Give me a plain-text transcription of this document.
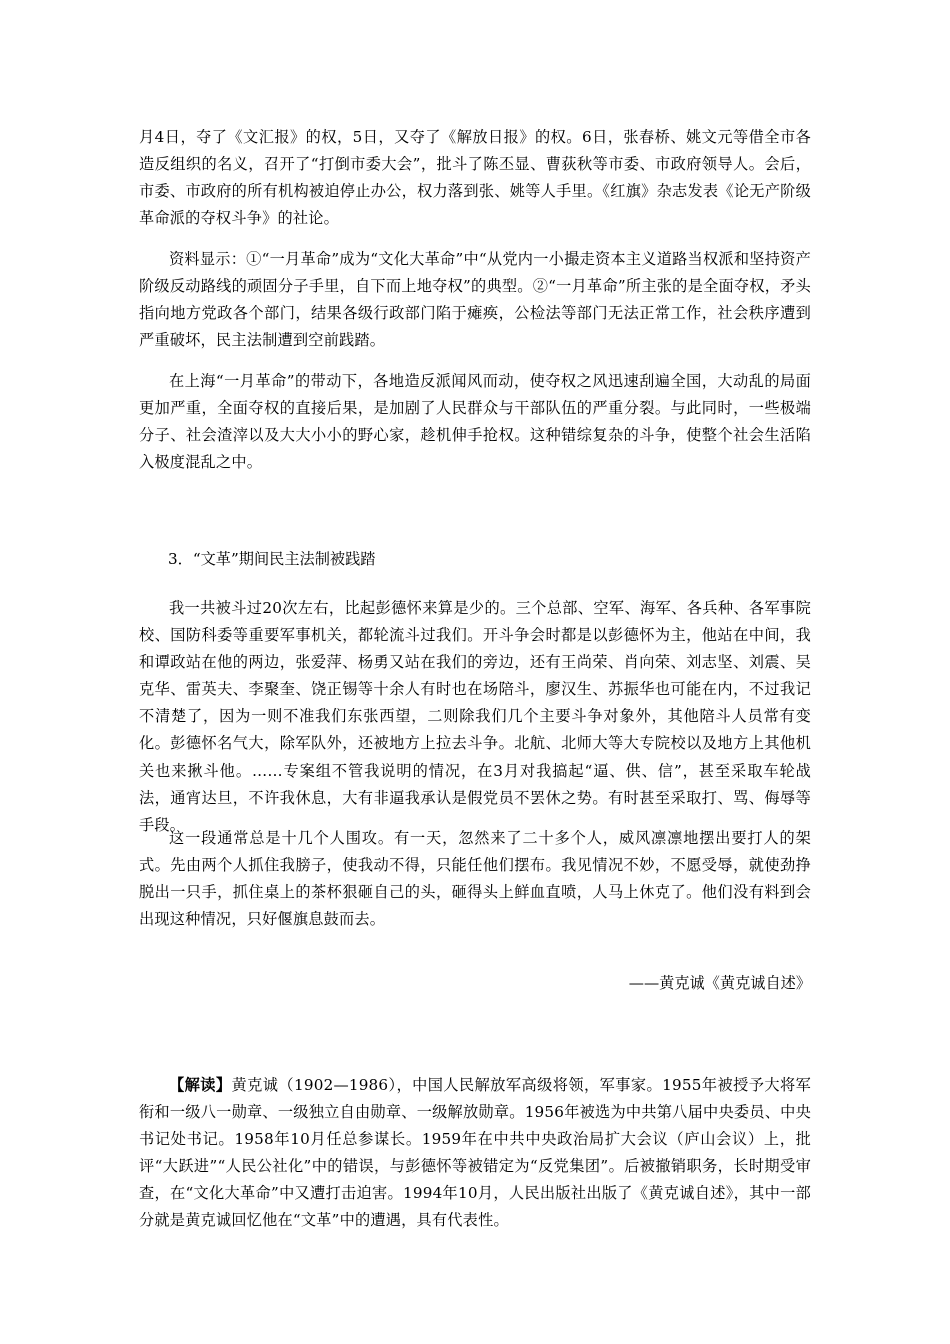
月4日，夺了《文汇报》的权，5日，又夺了《解放日报》的权。6日，张春桥、姚文元等借全市各造反组织的名义，召开了“打倒市委大会”，批斗了陈丕显、曹荻秋等市委、市政府领导人。会后，市委、市政府的所有机构被迫停止办公，权力落到张、姚等人手里。《红旗》杂志发表《论无产阶级革命派的夺权斗争》的社论。

资料显示：①“一月革命”成为“文化大革命”中“从党内一小撮走资本主义道路当权派和坚持资产阶级反动路线的顽固分子手里，自下而上地夺权”的典型。②“一月革命”所主张的是全面夺权，矛头指向地方党政各个部门，结果各级行政部门陷于瘫痪，公检法等部门无法正常工作，社会秩序遭到严重破坏，民主法制遭到空前践踏。

在上海“一月革命”的带动下，各地造反派闻风而动，使夺权之风迅速刮遍全国，大动乱的局面更加严重，全面夺权的直接后果，是加剧了人民群众与干部队伍的严重分裂。与此同时，一些极端分子、社会渣滓以及大大小小的野心家，趁机伸手抢权。这种错综复杂的斗争，使整个社会生活陷入极度混乱之中。

3．“文革”期间民主法制被践踏

我一共被斗过20次左右，比起彭德怀来算是少的。三个总部、空军、海军、各兵种、各军事院校、国防科委等重要军事机关，都轮流斗过我们。开斗争会时都是以彭德怀为主，他站在中间，我和谭政站在他的两边，张爱萍、杨勇又站在我们的旁边，还有王尚荣、肖向荣、刘志坚、刘震、吴克华、雷英夫、李聚奎、饶正锡等十余人有时也在场陪斗，廖汉生、苏振华也可能在内，不过我记不清楚了，因为一则不准我们东张西望，二则除我们几个主要斗争对象外，其他陪斗人员常有变化。彭德怀名气大，除军队外，还被地方上拉去斗争。北航、北师大等大专院校以及地方上其他机关也来揪斗他。……专案组不管我说明的情况，在3月对我搞起“逼、供、信”，甚至采取车轮战法，通宵达旦，不许我休息，大有非逼我承认是假党员不罢休之势。有时甚至采取打、骂、侮辱等手段。

这一段通常总是十几个人围攻。有一天，忽然来了二十多个人，威风凛凛地摆出要打人的架式。先由两个人抓住我膀子，使我动不得，只能任他们摆布。我见情况不妙，不愿受辱，就使劲挣脱出一只手，抓住桌上的茶杯狠砸自己的头，砸得头上鲜血直喷，人马上休克了。他们没有料到会出现这种情况，只好偃旗息鼓而去。

——黄克诚《黄克诚自述》

【解读】黄克诚（1902—1986），中国人民解放军高级将领，军事家。1955年被授予大将军衔和一级八一勋章、一级独立自由勋章、一级解放勋章。1956年被选为中共第八届中央委员、中央书记处书记。1958年10月任总参谋长。1959年在中共中央政治局扩大会议（庐山会议）上，批评“大跃进”“人民公社化”中的错误，与彭德怀等被错定为“反党集团”。后被撤销职务，长时期受审查，在“文化大革命”中又遭打击迫害。1994年10月，人民出版社出版了《黄克诚自述》，其中一部分就是黄克诚回忆他在“文革”中的遭遇，具有代表性。
